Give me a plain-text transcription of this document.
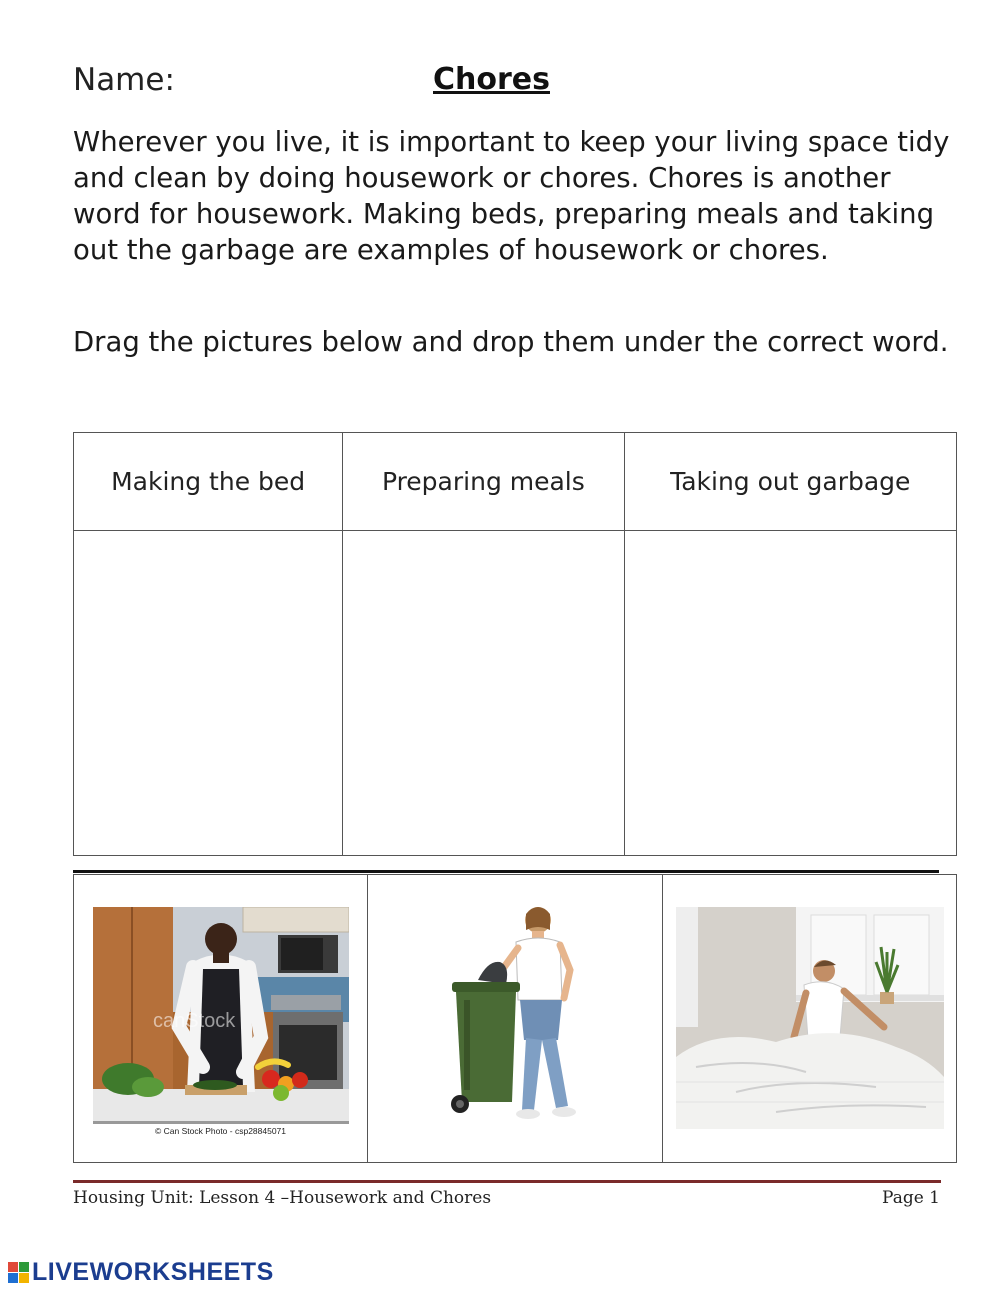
Name:	Chores

Wherever you live, it is important to keep your living space tidy and clean by doing housework or chores. Chores is another word for housework. Making beds, preparing meals and taking out the garbage are examples of housework or chores.

Drag the pictures below and drop them under the correct word.

Making the bed	Preparing meals	Taking out garbage

canStock
© Can Stock Photo - csp28845071
Housing Unit: Lesson 4 –Housework and Chores	Page 1
LIVEWORKSHEETS
